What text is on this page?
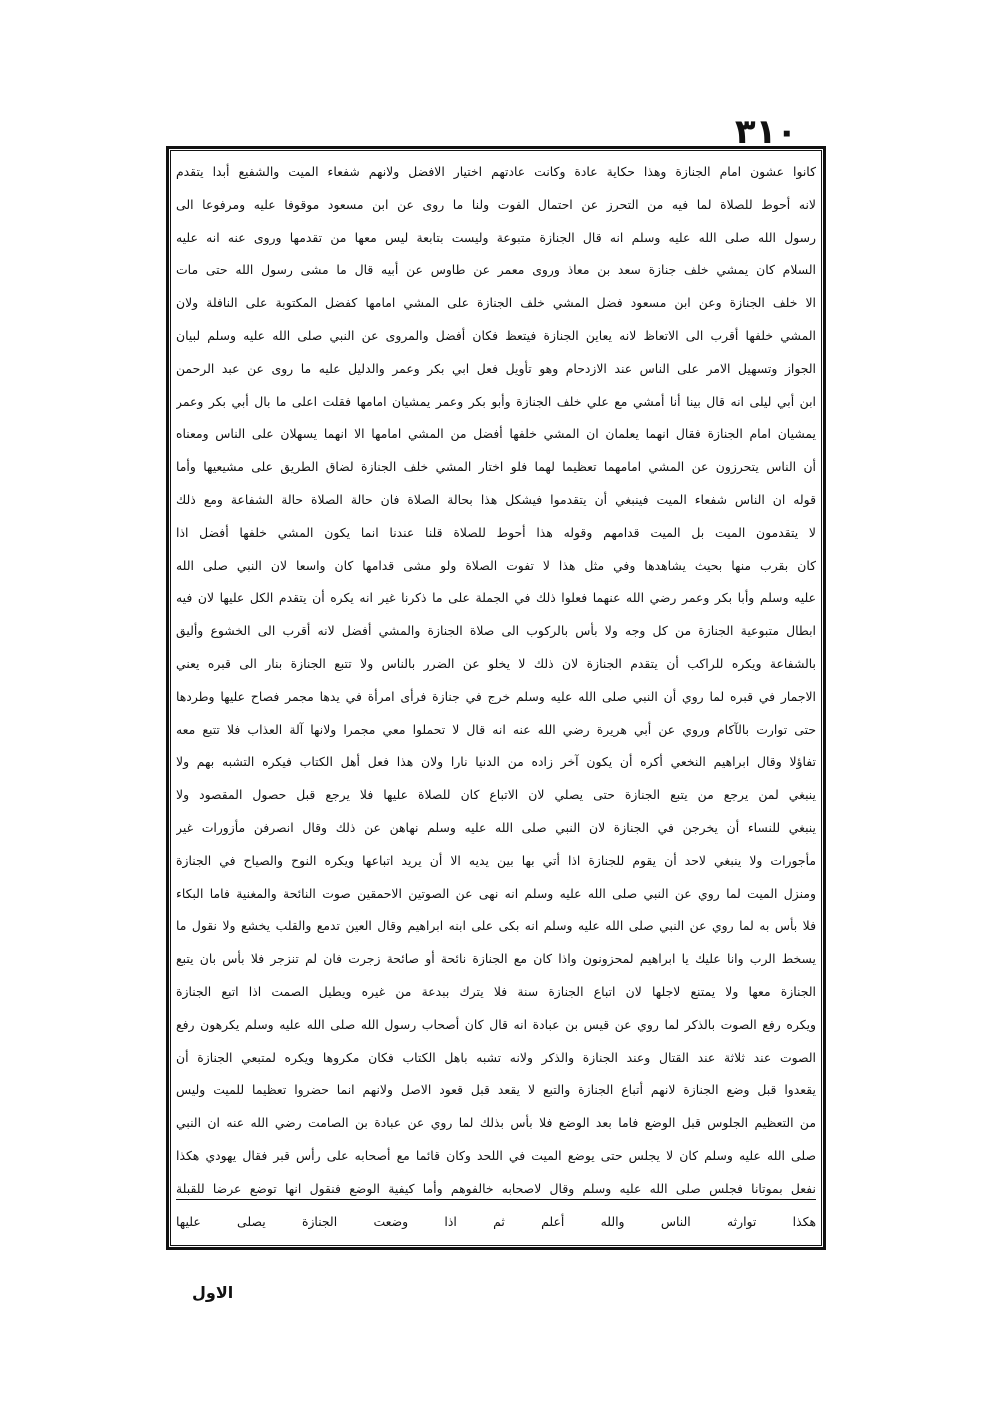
٣١٠
كانوا عشون امام الجنازة وهذا حكاية عادة وكانت عادتهم اختيار الافضل ولانهم شفعاء الميت والشفيع أبدا يتقدم
لانه أحوط للصلاة لما فيه من التحرز عن احتمال الفوت ولنا ما روى عن ابن مسعود موقوفا عليه ومرفوعا الى
رسول الله صلى الله عليه وسلم انه قال الجنازة متبوعة وليست بتابعة ليس معها من تقدمها وروى عنه انه عليه
السلام كان يمشي خلف جنازة سعد بن معاذ وروى معمر عن طاوس عن أبيه قال ما مشى رسول الله حتى مات
الا خلف الجنازة وعن ابن مسعود فضل المشي خلف الجنازة على المشي امامها كفضل المكتوبة على النافلة ولان
المشي خلفها أقرب الى الاتعاظ لانه يعاين الجنازة فيتعظ فكان أفضل والمروى عن النبي صلى الله عليه وسلم لبيان
الجواز وتسهيل الامر على الناس عند الازدحام وهو تأويل فعل ابي بكر وعمر والدليل عليه ما روى عن عبد الرحمن
ابن أبي ليلى انه قال بينا أنا أمشي مع علي خلف الجنازة وأبو بكر وعمر يمشيان امامها فقلت اعلى ما بال أبي بكر وعمر
يمشيان امام الجنازة فقال انهما يعلمان ان المشي خلفها أفضل من المشي امامها الا انهما يسهلان على الناس ومعناه
أن الناس يتحرزون عن المشي امامهما تعظيما لهما فلو اختار المشي خلف الجنازة لضاق الطريق على مشيعيها وأما
قوله ان الناس شفعاء الميت فينبغي أن يتقدموا فيشكل هذا بحالة الصلاة فان حالة الصلاة حالة الشفاعة ومع ذلك
لا يتقدمون الميت بل الميت قدامهم وقوله هذا أحوط للصلاة قلنا عندنا انما يكون المشي خلفها أفضل اذا
كان بقرب منها بحيث يشاهدها وفي مثل هذا لا تفوت الصلاة ولو مشى قدامها كان واسعا لان النبي صلى الله
عليه وسلم وأبا بكر وعمر رضي الله عنهما فعلوا ذلك في الجملة على ما ذكرنا غير انه يكره أن يتقدم الكل عليها لان فيه
ابطال متبوعية الجنازة من كل وجه ولا بأس بالركوب الى صلاة الجنازة والمشي أفضل لانه أقرب الى الخشوع وأليق
بالشفاعة ويكره للراكب أن يتقدم الجنازة لان ذلك لا يخلو عن الضرر بالناس ولا تتبع الجنازة بنار الى قبره يعني
الاجمار في قبره لما روي أن النبي صلى الله عليه وسلم خرج في جنازة فرأى امرأة في يدها مجمر فصاح عليها وطردها
حتى توارت بالآكام وروي عن أبي هريرة رضي الله عنه انه قال لا تحملوا معي مجمرا ولانها آلة العذاب فلا تتبع معه
تفاؤلا وقال ابراهيم النخعي أكره أن يكون آخر زاده من الدنيا نارا ولان هذا فعل أهل الكتاب فيكره التشبه بهم ولا
ينبغي لمن يرجع من يتبع الجنازة حتى يصلي لان الاتباع كان للصلاة عليها فلا يرجع قبل حصول المقصود ولا
ينبغي للنساء أن يخرجن في الجنازة لان النبي صلى الله عليه وسلم نهاهن عن ذلك وقال انصرفن مأزورات غير
مأجورات ولا ينبغي لاحد أن يقوم للجنازة اذا أتي بها بين يديه الا أن يريد اتباعها ويكره النوح والصياح في الجنازة
ومنزل الميت لما روي عن النبي صلى الله عليه وسلم انه نهى عن الصوتين الاحمقين صوت النائحة والمغنية فاما البكاء
فلا بأس به لما روي عن النبي صلى الله عليه وسلم انه بكى على ابنه ابراهيم وقال العين تدمع والقلب يخشع ولا نقول ما
يسخط الرب وانا عليك يا ابراهيم لمحزونون واذا كان مع الجنازة نائحة أو صائحة زجرت فان لم تنزجر فلا بأس بان يتبع
الجنازة معها ولا يمتنع لاجلها لان اتباع الجنازة سنة فلا يترك ببدعة من غيره ويطيل الصمت اذا اتبع الجنازة
ويكره رفع الصوت بالذكر لما روي عن قيس بن عبادة انه قال كان أصحاب رسول الله صلى الله عليه وسلم يكرهون رفع
الصوت عند ثلاثة عند القتال وعند الجنازة والذكر ولانه تشبه باهل الكتاب فكان مكروها ويكره لمتبعي الجنازة أن
يقعدوا قبل وضع الجنازة لانهم أتباع الجنازة والتبع لا يقعد قبل قعود الاصل ولانهم انما حضروا تعظيما للميت وليس
من التعظيم الجلوس قبل الوضع فاما بعد الوضع فلا بأس بذلك لما روي عن عبادة بن الصامت رضي الله عنه ان النبي
صلى الله عليه وسلم كان لا يجلس حتى يوضع الميت في اللحد وكان قائما مع أصحابه على رأس قبر فقال يهودي هكذا
نفعل بموتانا فجلس صلى الله عليه وسلم وقال لاصحابه خالفوهم وأما كيفية الوضع فنقول انها توضع عرضا للقبلة
هكذا توارثه الناس والله أعلم ثم اذا وضعت الجنازة يصلى عليها
الاول
